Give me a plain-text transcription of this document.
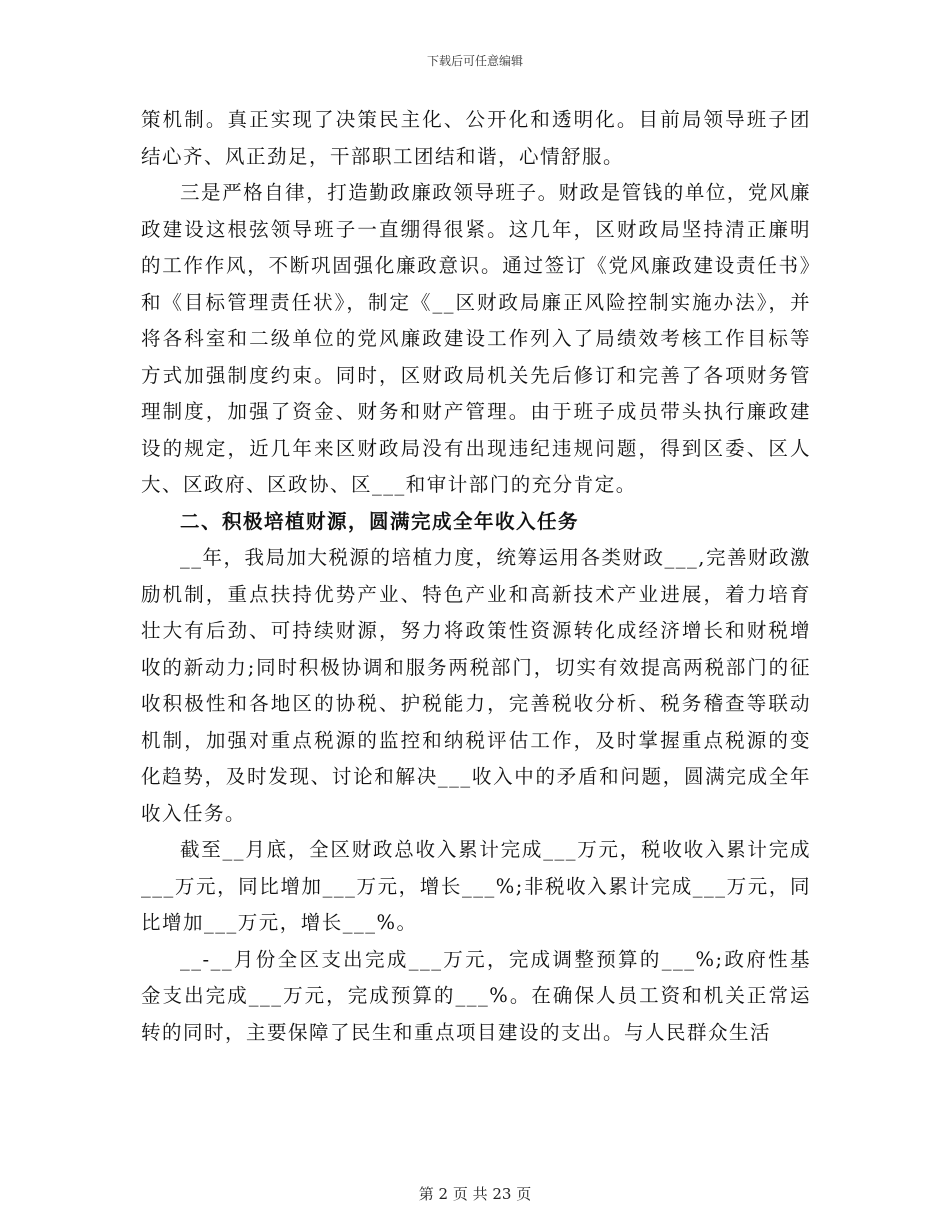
下载后可任意编辑

策机制。真正实现了决策民主化、公开化和透明化。目前局领导班子团结心齐、风正劲足，干部职工团结和谐，心情舒服。

三是严格自律，打造勤政廉政领导班子。财政是管钱的单位，党风廉政建设这根弦领导班子一直绷得很紧。这几年，区财政局坚持清正廉明的工作作风，不断巩固强化廉政意识。通过签订《党风廉政建设责任书》和《目标管理责任状》，制定《__区财政局廉正风险控制实施办法》，并将各科室和二级单位的党风廉政建设工作列入了局绩效考核工作目标等方式加强制度约束。同时，区财政局机关先后修订和完善了各项财务管理制度，加强了资金、财务和财产管理。由于班子成员带头执行廉政建设的规定，近几年来区财政局没有出现违纪违规问题，得到区委、区人大、区政府、区政协、区___和审计部门的充分肯定。

二、积极培植财源，圆满完成全年收入任务

__年，我局加大税源的培植力度，统筹运用各类财政___,完善财政激励机制，重点扶持优势产业、特色产业和高新技术产业进展，着力培育壮大有后劲、可持续财源，努力将政策性资源转化成经济增长和财税增收的新动力;同时积极协调和服务两税部门，切实有效提高两税部门的征收积极性和各地区的协税、护税能力，完善税收分析、税务稽查等联动机制，加强对重点税源的监控和纳税评估工作，及时掌握重点税源的变化趋势，及时发现、讨论和解决___收入中的矛盾和问题，圆满完成全年收入任务。

截至__月底，全区财政总收入累计完成___万元，税收收入累计完成___万元，同比增加___万元，增长___%;非税收入累计完成___万元，同比增加___万元，增长___%。

__-__月份全区支出完成___万元，完成调整预算的___%;政府性基金支出完成___万元，完成预算的___%。在确保人员工资和机关正常运转的同时，主要保障了民生和重点项目建设的支出。与人民群众生活

第 2 页 共 23 页
